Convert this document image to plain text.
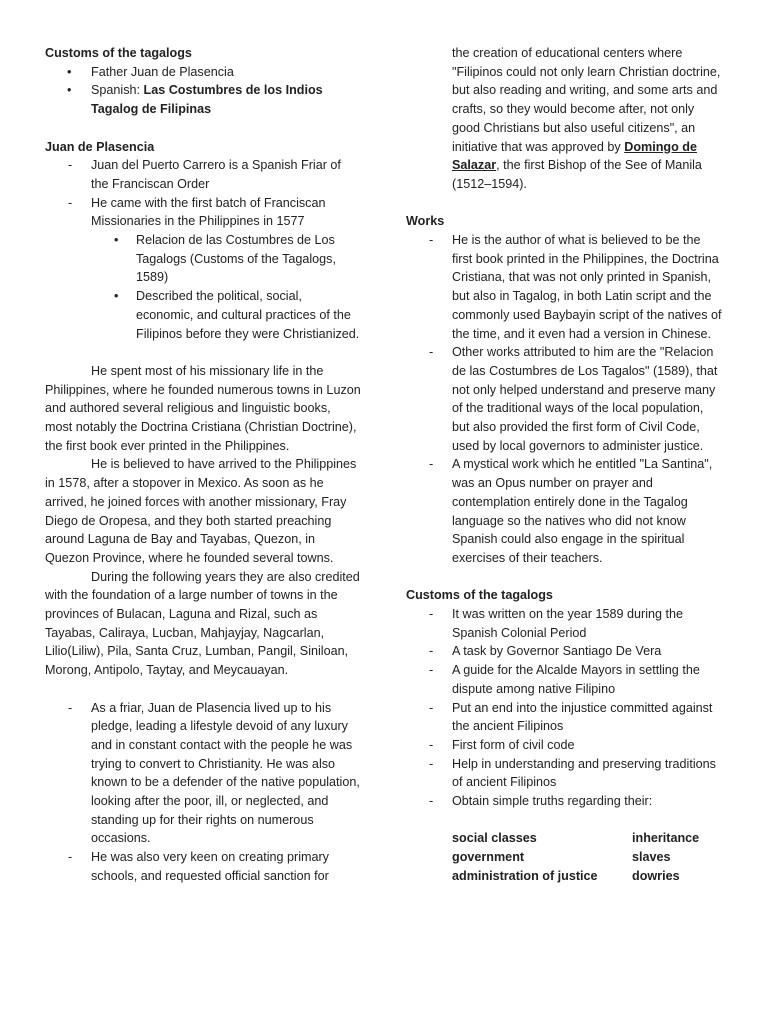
Customs of the tagalogs
• Father Juan de Plasencia
• Spanish: Las Costumbres de los Indios Tagalog de Filipinas
Juan de Plasencia
- Juan del Puerto Carrero is a Spanish Friar of the Franciscan Order
- He came with the first batch of Franciscan Missionaries in the Philippines in 1577
• Relacion de las Costumbres de Los Tagalogs (Customs of the Tagalogs, 1589)
• Described the political, social, economic, and cultural practices of the Filipinos before they were Christianized.

He spent most of his missionary life in the Philippines, where he founded numerous towns in Luzon and authored several religious and linguistic books, most notably the Doctrina Cristiana (Christian Doctrine), the first book ever printed in the Philippines.

He is believed to have arrived to the Philippines in 1578, after a stopover in Mexico. As soon as he arrived, he joined forces with another missionary, Fray Diego de Oropesa, and they both started preaching around Laguna de Bay and Tayabas, Quezon, in Quezon Province, where he founded several towns.

During the following years they are also credited with the foundation of a large number of towns in the provinces of Bulacan, Laguna and Rizal, such as Tayabas, Caliraya, Lucban, Mahjayjay, Nagcarlan, Lilio(Liliw), Pila, Santa Cruz, Lumban, Pangil, Siniloan, Morong, Antipolo, Taytay, and Meycauayan.

- As a friar, Juan de Plasencia lived up to his pledge, leading a lifestyle devoid of any luxury and in constant contact with the people he was trying to convert to Christianity. He was also known to be a defender of the native population, looking after the poor, ill, or neglected, and standing up for their rights on numerous occasions.
- He was also very keen on creating primary schools, and requested official sanction for
the creation of educational centers where "Filipinos could not only learn Christian doctrine, but also reading and writing, and some arts and crafts, so they would become after, not only good Christians but also useful citizens", an initiative that was approved by Domingo de Salazar, the first Bishop of the See of Manila (1512–1594).
Works
- He is the author of what is believed to be the first book printed in the Philippines, the Doctrina Cristiana, that was not only printed in Spanish, but also in Tagalog, in both Latin script and the commonly used Baybayin script of the natives of the time, and it even had a version in Chinese.
- Other works attributed to him are the "Relacion de las Costumbres de Los Tagalos" (1589), that not only helped understand and preserve many of the traditional ways of the local population, but also provided the first form of Civil Code, used by local governors to administer justice.
- A mystical work which he entitled "La Santina", was an Opus number on prayer and contemplation entirely done in the Tagalog language so the natives who did not know Spanish could also engage in the spiritual exercises of their teachers.
Customs of the tagalogs
- It was written on the year 1589 during the Spanish Colonial Period
- A task by Governor Santiago De Vera
- A guide for the Alcalde Mayors in settling the dispute among native Filipino
- Put an end into the injustice committed against the ancient Filipinos
- First form of civil code
- Help in understanding and preserving traditions of ancient Filipinos
- Obtain simple truths regarding their:
social classes	inheritance
government	slaves
administration of justice	dowries
